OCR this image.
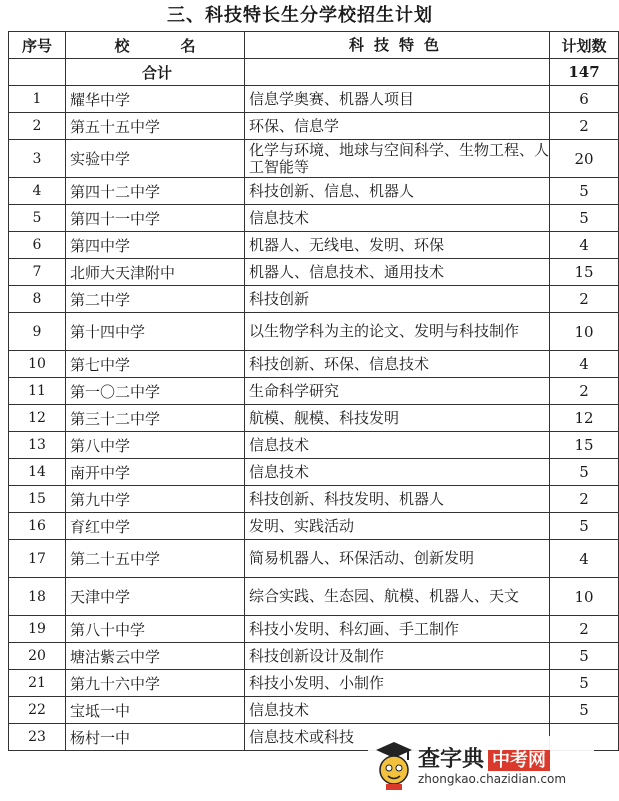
三、科技特长生分学校招生计划
序号	校　名	科技特色	计划数
	合计		147
1	耀华中学	信息学奥赛、机器人项目	6
2	第五十五中学	环保、信息学	2
3	实验中学	化学与环境、地球与空间科学、生物工程、人工智能等	20
4	第四十二中学	科技创新、信息、机器人	5
5	第四十一中学	信息技术	5
6	第四中学	机器人、无线电、发明、环保	4
7	北师大天津附中	机器人、信息技术、通用技术	15
8	第二中学	科技创新	2
9	第十四中学	以生物学科为主的论文、发明与科技制作	10
10	第七中学	科技创新、环保、信息技术	4
11	第一〇二中学	生命科学研究	2
12	第三十二中学	航模、舰模、科技发明	12
13	第八中学	信息技术	15
14	南开中学	信息技术	5
15	第九中学	科技创新、科技发明、机器人	2
16	育红中学	发明、实践活动	5
17	第二十五中学	简易机器人、环保活动、创新发明	4
18	天津中学	综合实践、生态园、航模、机器人、天文	10
19	第八十中学	科技小发明、科幻画、手工制作	2
20	塘沽紫云中学	科技创新设计及制作	5
21	第九十六中学	科技小发明、小制作	5
22	宝坻一中	信息技术	5
23	杨村一中	信息技术或科技	
查字典 中考网
zhongkao.chazidian.com
